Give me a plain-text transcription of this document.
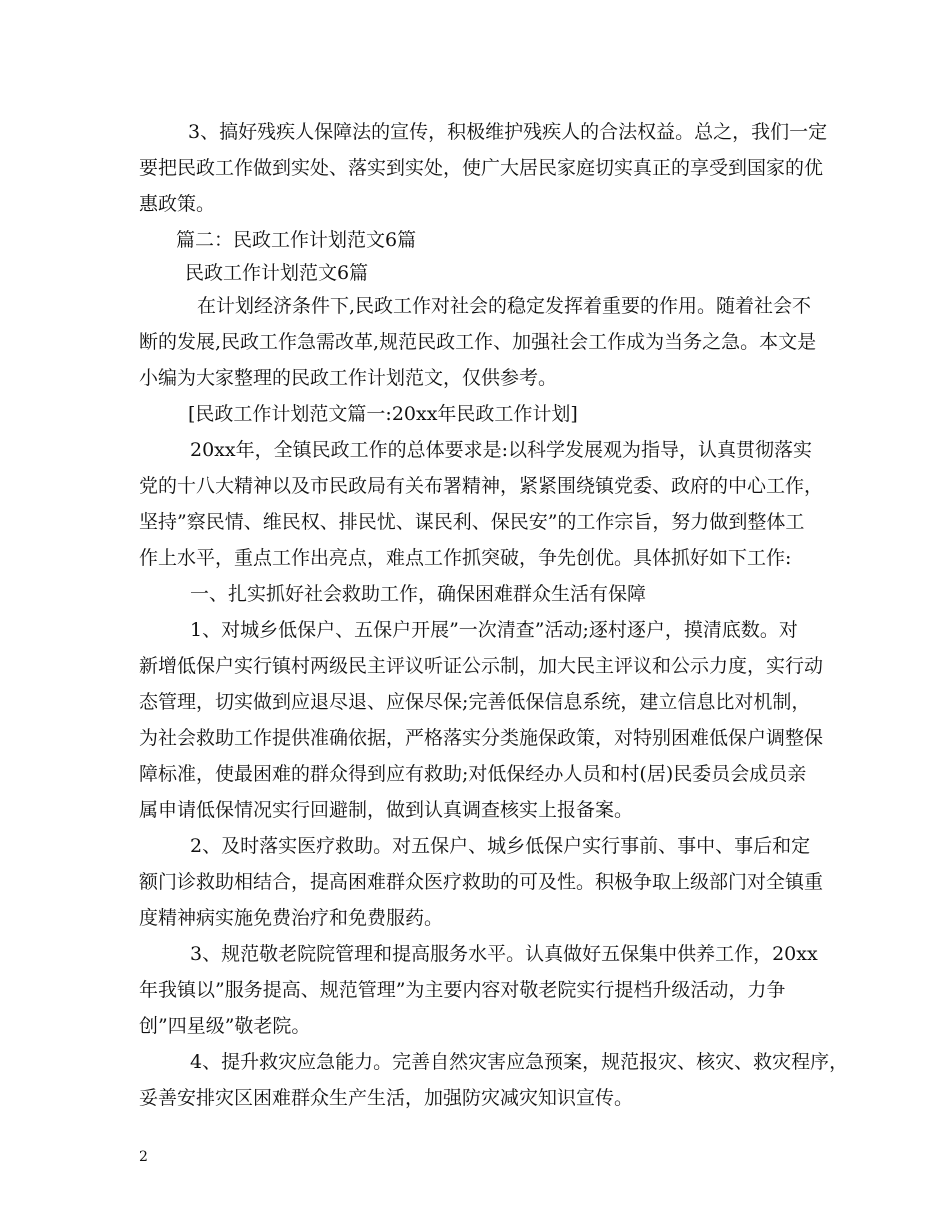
3、搞好残疾人保障法的宣传，积极维护残疾人的合法权益。总之，我们一定
要把民政工作做到实处、落实到实处，使广大居民家庭切实真正的享受到国家的优
惠政策。
篇二：民政工作计划范文6篇
民政工作计划范文6篇
在计划经济条件下,民政工作对社会的稳定发挥着重要的作用。随着社会不
断的发展,民政工作急需改革,规范民政工作、加强社会工作成为当务之急。本文是
小编为大家整理的民政工作计划范文，仅供参考。
[民政工作计划范文篇一:20xx年民政工作计划]
20xx年，全镇民政工作的总体要求是:以科学发展观为指导，认真贯彻落实
党的十八大精神以及市民政局有关布署精神，紧紧围绕镇党委、政府的中心工作，
坚持”察民情、维民权、排民忧、谋民利、保民安”的工作宗旨，努力做到整体工
作上水平，重点工作出亮点，难点工作抓突破，争先创优。具体抓好如下工作:
一、扎实抓好社会救助工作，确保困难群众生活有保障
1、对城乡低保户、五保户开展”一次清查”活动;逐村逐户，摸清底数。对
新增低保户实行镇村两级民主评议听证公示制，加大民主评议和公示力度，实行动
态管理，切实做到应退尽退、应保尽保;完善低保信息系统，建立信息比对机制，
为社会救助工作提供准确依据，严格落实分类施保政策，对特别困难低保户调整保
障标准，使最困难的群众得到应有救助;对低保经办人员和村(居)民委员会成员亲
属申请低保情况实行回避制，做到认真调查核实上报备案。
2、及时落实医疗救助。对五保户、城乡低保户实行事前、事中、事后和定
额门诊救助相结合，提高困难群众医疗救助的可及性。积极争取上级部门对全镇重
度精神病实施免费治疗和免费服药。
3、规范敬老院院管理和提高服务水平。认真做好五保集中供养工作，20xx
年我镇以”服务提高、规范管理”为主要内容对敬老院实行提档升级活动，力争
创”四星级”敬老院。
4、提升救灾应急能力。完善自然灾害应急预案，规范报灾、核灾、救灾程序，
妥善安排灾区困难群众生产生活，加强防灾减灾知识宣传。
2
